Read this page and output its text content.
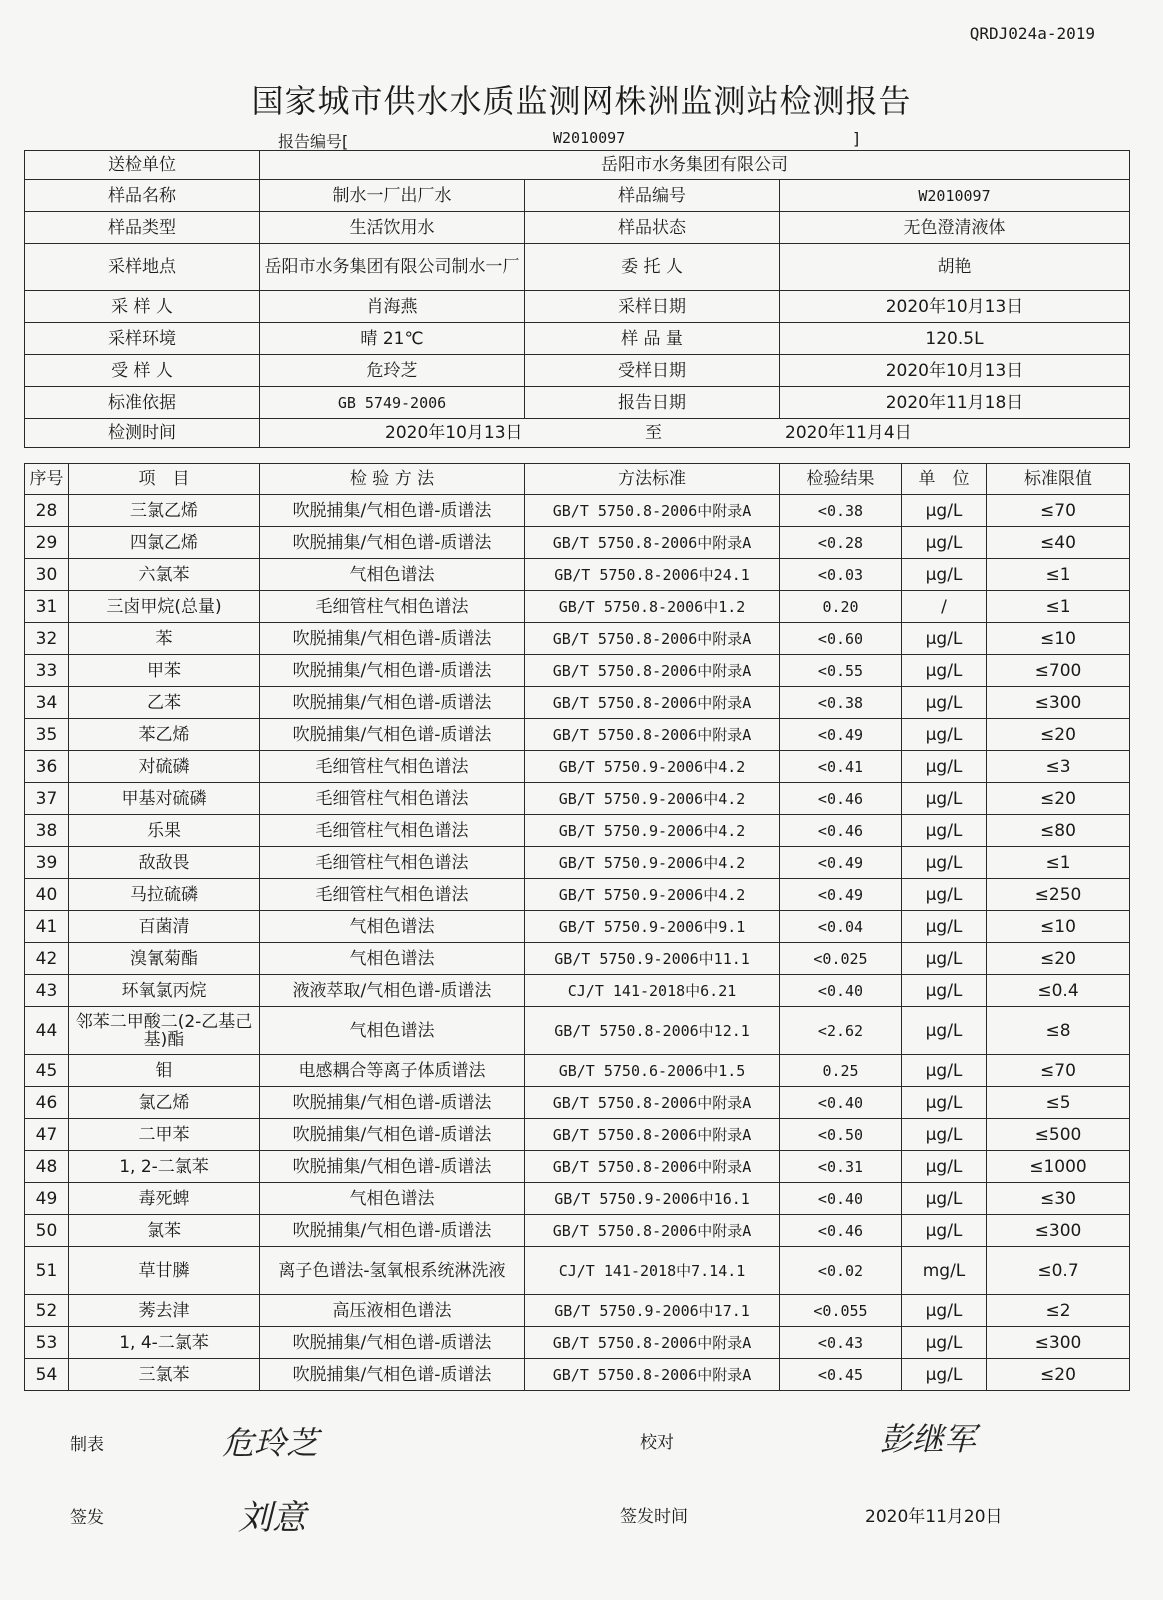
QRDJ024a-2019
国家城市供水水质监测网株洲监测站检测报告
报告编号[	W2010097	]
送检单位	岳阳市水务集团有限公司		
样品名称	制水一厂出厂水	样品编号	W2010097
样品类型	生活饮用水	样品状态	无色澄清液体
采样地点	岳阳市水务集团有限公司制水一厂	委 托 人	胡艳
采 样 人	肖海燕	采样日期	2020年10月13日
采样环境	晴 21℃	样 品 量	120.5L
受 样 人	危玲芝	受样日期	2020年10月13日
标准依据	GB 5749-2006	报告日期	2020年11月18日
检测时间	2020年10月13日 至 2020年11月4日		
序号	项　目	检 验 方 法	方法标准	检验结果	单　位	标准限值
28	三氯乙烯	吹脱捕集/气相色谱-质谱法	GB/T 5750.8-2006中附录A	<0.38	μg/L	≤70
29	四氯乙烯	吹脱捕集/气相色谱-质谱法	GB/T 5750.8-2006中附录A	<0.28	μg/L	≤40
30	六氯苯	气相色谱法	GB/T 5750.8-2006中24.1	<0.03	μg/L	≤1
31	三卤甲烷(总量)	毛细管柱气相色谱法	GB/T 5750.8-2006中1.2	0.20	/	≤1
32	苯	吹脱捕集/气相色谱-质谱法	GB/T 5750.8-2006中附录A	<0.60	μg/L	≤10
33	甲苯	吹脱捕集/气相色谱-质谱法	GB/T 5750.8-2006中附录A	<0.55	μg/L	≤700
34	乙苯	吹脱捕集/气相色谱-质谱法	GB/T 5750.8-2006中附录A	<0.38	μg/L	≤300
35	苯乙烯	吹脱捕集/气相色谱-质谱法	GB/T 5750.8-2006中附录A	<0.49	μg/L	≤20
36	对硫磷	毛细管柱气相色谱法	GB/T 5750.9-2006中4.2	<0.41	μg/L	≤3
37	甲基对硫磷	毛细管柱气相色谱法	GB/T 5750.9-2006中4.2	<0.46	μg/L	≤20
38	乐果	毛细管柱气相色谱法	GB/T 5750.9-2006中4.2	<0.46	μg/L	≤80
39	敌敌畏	毛细管柱气相色谱法	GB/T 5750.9-2006中4.2	<0.49	μg/L	≤1
40	马拉硫磷	毛细管柱气相色谱法	GB/T 5750.9-2006中4.2	<0.49	μg/L	≤250
41	百菌清	气相色谱法	GB/T 5750.9-2006中9.1	<0.04	μg/L	≤10
42	溴氰菊酯	气相色谱法	GB/T 5750.9-2006中11.1	<0.025	μg/L	≤20
43	环氧氯丙烷	液液萃取/气相色谱-质谱法	CJ/T 141-2018中6.21	<0.40	μg/L	≤0.4
44	邻苯二甲酸二(2-乙基己基)酯	气相色谱法	GB/T 5750.8-2006中12.1	<2.62	μg/L	≤8
45	钼	电感耦合等离子体质谱法	GB/T 5750.6-2006中1.5	0.25	μg/L	≤70
46	氯乙烯	吹脱捕集/气相色谱-质谱法	GB/T 5750.8-2006中附录A	<0.40	μg/L	≤5
47	二甲苯	吹脱捕集/气相色谱-质谱法	GB/T 5750.8-2006中附录A	<0.50	μg/L	≤500
48	1, 2-二氯苯	吹脱捕集/气相色谱-质谱法	GB/T 5750.8-2006中附录A	<0.31	μg/L	≤1000
49	毒死蜱	气相色谱法	GB/T 5750.9-2006中16.1	<0.40	μg/L	≤30
50	氯苯	吹脱捕集/气相色谱-质谱法	GB/T 5750.8-2006中附录A	<0.46	μg/L	≤300
51	草甘膦	离子色谱法-氢氧根系统淋洗液	CJ/T 141-2018中7.14.1	<0.02	mg/L	≤0.7
52	莠去津	高压液相色谱法	GB/T 5750.9-2006中17.1	<0.055	μg/L	≤2
53	1, 4-二氯苯	吹脱捕集/气相色谱-质谱法	GB/T 5750.8-2006中附录A	<0.43	μg/L	≤300
54	三氯苯	吹脱捕集/气相色谱-质谱法	GB/T 5750.8-2006中附录A	<0.45	μg/L	≤20
制表	危玲芝	校对	彭继军
签发	刘意	签发时间	2020年11月20日
